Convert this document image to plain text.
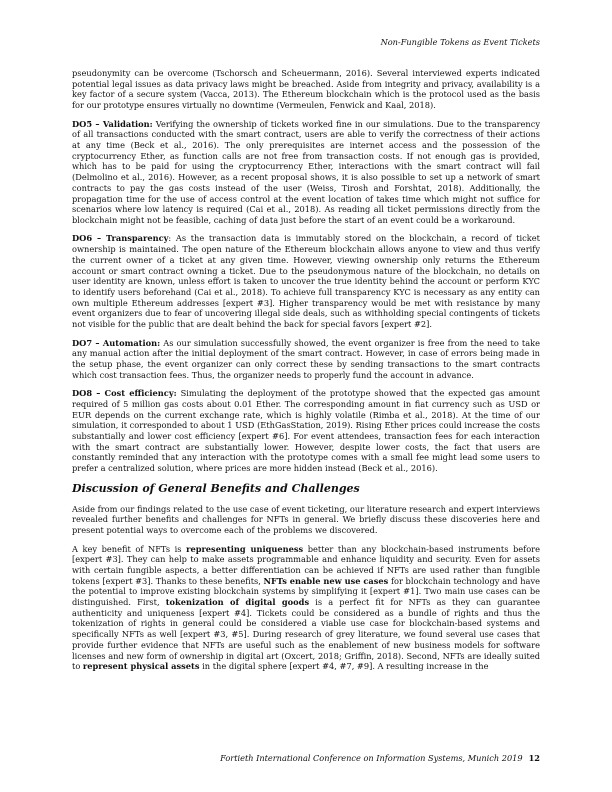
Non-Fungible Tokens as Event Tickets

pseudonymity can be overcome (Tschorsch and Scheuermann, 2016). Several interviewed experts indicated potential legal issues as data privacy laws might be breached. Aside from integrity and privacy, availability is a key factor of a secure system (Vacca, 2013). The Ethereum blockchain which is the protocol used as the basis for our prototype ensures virtually no downtime (Vermeulen, Fenwick and Kaal, 2018).

DO5 – Validation: Verifying the ownership of tickets worked fine in our simulations. Due to the transparency of all transactions conducted with the smart contract, users are able to verify the correctness of their actions at any time (Beck et al., 2016). The only prerequisites are internet access and the possession of the cryptocurrency Ether, as function calls are not free from transaction costs. If not enough gas is provided, which has to be paid for using the cryptocurrency Ether, interactions with the smart contract will fail (Delmolino et al., 2016). However, as a recent proposal shows, it is also possible to set up a network of smart contracts to pay the gas costs instead of the user (Weiss, Tirosh and Forshtat, 2018). Additionally, the propagation time for the use of access control at the event location of takes time which might not suffice for scenarios where low latency is required (Cai et al., 2018). As reading all ticket permissions directly from the blockchain might not be feasible, caching of data just before the start of an event could be a workaround.

DO6 – Transparency: As the transaction data is immutably stored on the blockchain, a record of ticket ownership is maintained. The open nature of the Ethereum blockchain allows anyone to view and thus verify the current owner of a ticket at any given time. However, viewing ownership only returns the Ethereum account or smart contract owning a ticket. Due to the pseudonymous nature of the blockchain, no details on user identity are known, unless effort is taken to uncover the true identity behind the account or perform KYC to identify users beforehand (Cai et al., 2018). To achieve full transparency KYC is necessary as any entity can own multiple Ethereum addresses [expert #3]. Higher transparency would be met with resistance by many event organizers due to fear of uncovering illegal side deals, such as withholding special contingents of tickets not visible for the public that are dealt behind the back for special favors [expert #2].

DO7 – Automation: As our simulation successfully showed, the event organizer is free from the need to take any manual action after the initial deployment of the smart contract. However, in case of errors being made in the setup phase, the event organizer can only correct these by sending transactions to the smart contracts which cost transaction fees. Thus, the organizer needs to properly fund the account in advance.

DO8 – Cost efficiency: Simulating the deployment of the prototype showed that the expected gas amount required of 5 million gas costs about 0.01 Ether. The corresponding amount in fiat currency such as USD or EUR depends on the current exchange rate, which is highly volatile (Rimba et al., 2018). At the time of our simulation, it corresponded to about 1 USD (EthGasStation, 2019). Rising Ether prices could increase the costs substantially and lower cost efficiency [expert #6]. For event attendees, transaction fees for each interaction with the smart contract are substantially lower. However, despite lower costs, the fact that users are constantly reminded that any interaction with the prototype comes with a small fee might lead some users to prefer a centralized solution, where prices are more hidden instead (Beck et al., 2016).

Discussion of General Benefits and Challenges

Aside from our findings related to the use case of event ticketing, our literature research and expert interviews revealed further benefits and challenges for NFTs in general. We briefly discuss these discoveries here and present potential ways to overcome each of the problems we discovered.

A key benefit of NFTs is representing uniqueness better than any blockchain-based instruments before [expert #3]. They can help to make assets programmable and enhance liquidity and security. Even for assets with certain fungible aspects, a better differentiation can be achieved if NFTs are used rather than fungible tokens [expert #3]. Thanks to these benefits, NFTs enable new use cases for blockchain technology and have the potential to improve existing blockchain systems by simplifying it [expert #1]. Two main use cases can be distinguished. First, tokenization of digital goods is a perfect fit for NFTs as they can guarantee authenticity and uniqueness [expert #4]. Tickets could be considered as a bundle of rights and thus the tokenization of rights in general could be considered a viable use case for blockchain-based systems and specifically NFTs as well [expert #3, #5]. During research of grey literature, we found several use cases that provide further evidence that NFTs are useful such as the enablement of new business models for software licenses and new form of ownership in digital art (Oxcert, 2018; Griffin, 2018). Second, NFTs are ideally suited to represent physical assets in the digital sphere [expert #4, #7, #9]. A resulting increase in the

Fortieth International Conference on Information Systems, Munich 2019 12
